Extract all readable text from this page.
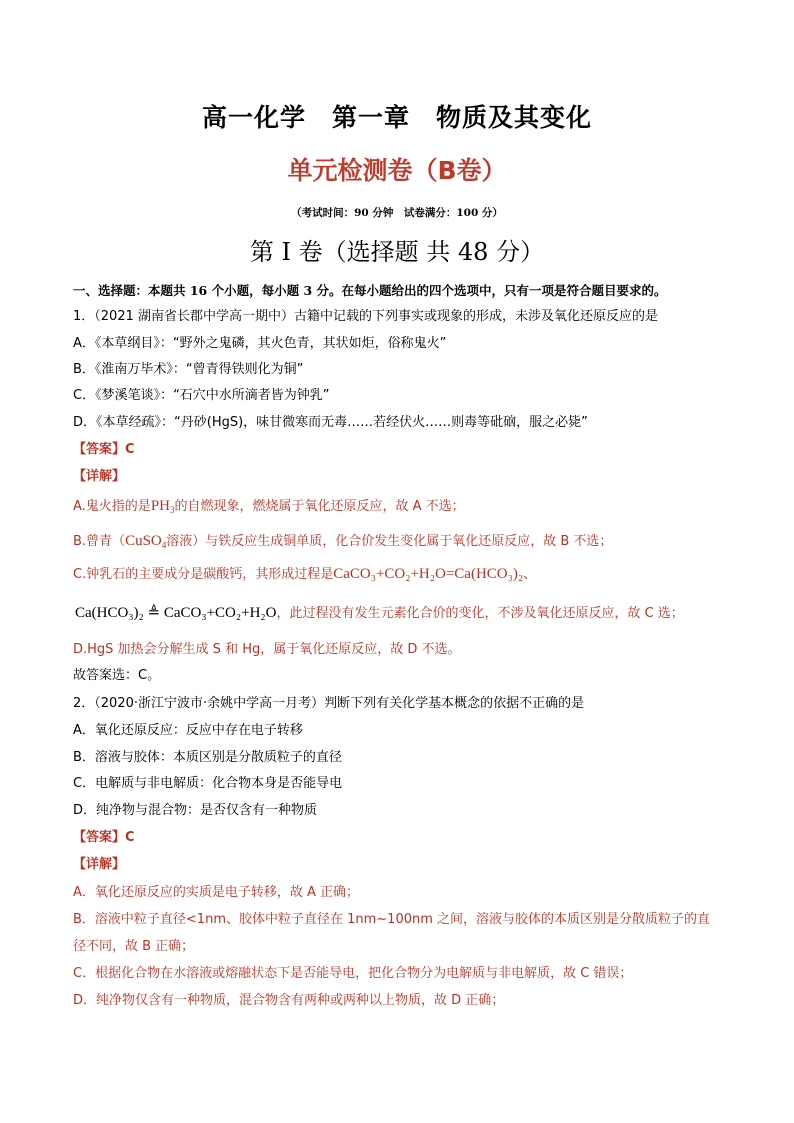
高一化学　第一章　物质及其变化
单元检测卷（B卷）
（考试时间：90 分钟　试卷满分：100 分）
第 I 卷（选择题 共 48 分）
一、选择题：本题共 16 个小题，每小题 3 分。在每小题给出的四个选项中，只有一项是符合题目要求的。
1．（2021 湖南省长郡中学高一期中）古籍中记载的下列事实或现象的形成，未涉及氧化还原反应的是
A．《本草纲目》：“野外之鬼磷，其火色青，其状如炬，俗称鬼火”
B．《淮南万毕术》：“曾青得铁则化为铜”
C．《梦溪笔谈》：“石穴中水所滴者皆为钟乳”
D．《本草经疏》：“丹砂(HgS)，味甘微寒而无毒……若经伏火……则毒等砒硇，服之必毙”
【答案】C
【详解】
A.鬼火指的是$PH_3$的自燃现象，燃烧属于氧化还原反应，故 A 不选；
B.曾青（CuSO$_4$溶液）与铁反应生成铜单质，化合价发生变化属于氧化还原反应，故 B 不选；
C.钟乳石的主要成分是碳酸钙，其形成过程是CaCO₃+CO₂+H₂O=Ca(HCO₃)₂、
Ca(HCO₃)₂ ≜ CaCO₃+CO₂+H₂O，此过程没有发生元素化合价的变化，不涉及氧化还原反应，故 C 选；
D.HgS 加热会分解生成 S 和 Hg，属于氧化还原反应，故 D 不选。
故答案选：C。
2．（2020·浙江宁波市·余姚中学高一月考）判断下列有关化学基本概念的依据不正确的是
A．氧化还原反应：反应中存在电子转移
B．溶液与胶体：本质区别是分散质粒子的直径
C．电解质与非电解质：化合物本身是否能导电
D．纯净物与混合物：是否仅含有一种物质
【答案】C
【详解】
A．氧化还原反应的实质是电子转移，故 A 正确；
B．溶液中粒子直径<1nm、胶体中粒子直径在 1nm~100nm 之间，溶液与胶体的本质区别是分散质粒子的直
径不同，故 B 正确；
C．根据化合物在水溶液或熔融状态下是否能导电，把化合物分为电解质与非电解质，故 C 错误；
D．纯净物仅含有一种物质，混合物含有两种或两种以上物质，故 D 正确；
